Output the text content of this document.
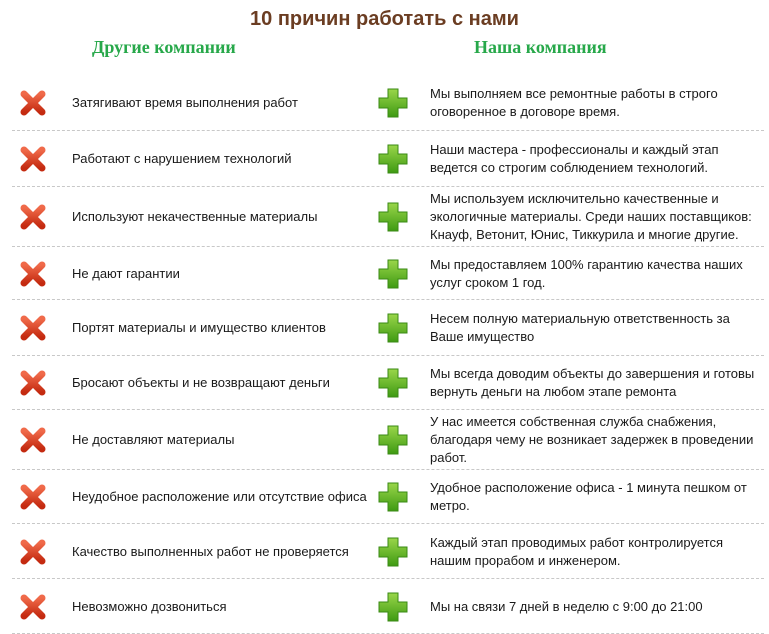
10 причин работать с нами
Другие компании	Наша компания
Затягивают время выполнения работ
Мы выполняем все ремонтные работы в строго оговоренное в договоре время.
Работают с нарушением технологий
Наши мастера - профессионалы и каждый этап ведется со строгим соблюдением технологий.
Используют некачественные материалы
Мы используем исключительно качественные и экологичные материалы. Среди наших поставщиков: Кнауф, Ветонит, Юнис, Тиккурила и многие другие.
Не дают гарантии
Мы предоставляем 100% гарантию качества наших услуг сроком 1 год.
Портят материалы и имущество клиентов
Несем полную материальную ответственность за Ваше имущество
Бросают объекты и не возвращают деньги
Мы всегда доводим объекты до завершения и готовы вернуть деньги на любом этапе ремонта
Не доставляют материалы
У нас имеется собственная служба снабжения, благодаря чему не возникает задержек в проведении работ.
Неудобное расположение или отсутствие офиса
Удобное расположение офиса - 1 минута пешком от метро.
Качество выполненных работ не проверяется
Каждый этап проводимых работ контролируется нашим прорабом и инженером.
Невозможно дозвониться	Мы на связи 7 дней в неделю с 9:00 до 21:00
